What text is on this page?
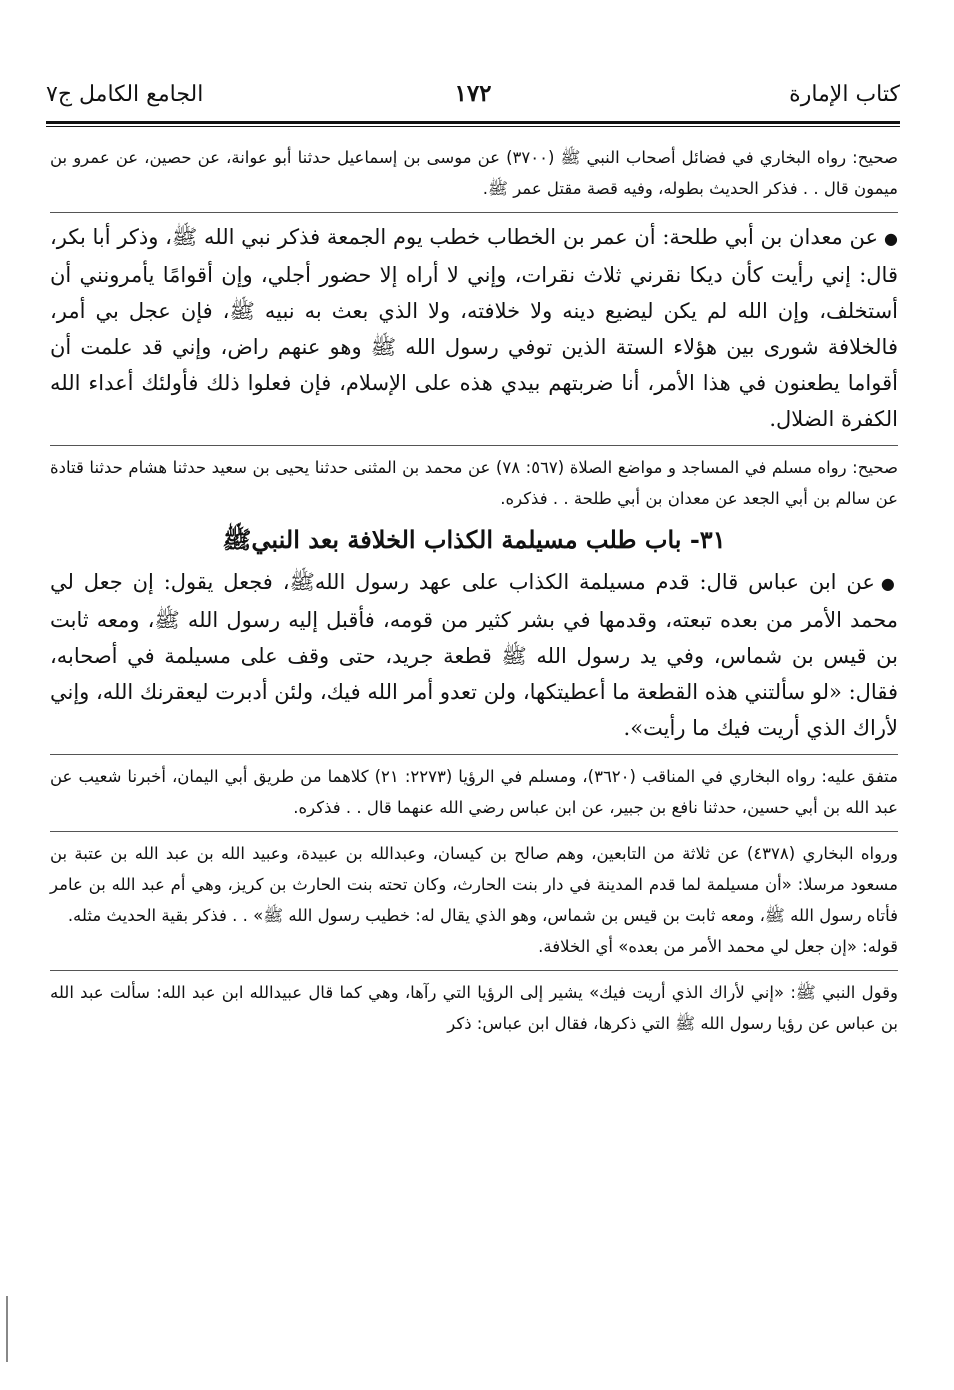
كتاب الإمارة
١٧٢
الجامع الكامل ج٧

صحيح: رواه البخاري في فضائل أصحاب النبي ﷺ (٣٧٠٠) عن موسى بن إسماعيل حدثنا أبو عوانة، عن حصين، عن عمرو بن ميمون قال . . فذكر الحديث بطوله، وفيه قصة مقتل عمر ﷺ.

●عن معدان بن أبي طلحة: أن عمر بن الخطاب خطب يوم الجمعة فذكر نبي الله ﷺ، وذكر أبا بكر، قال: إني رأيت كأن ديكا نقرني ثلاث نقرات، وإني لا أراه إلا حضور أجلي، وإن أقوامًا يأمرونني أن أستخلف، وإن الله لم يكن ليضيع دينه ولا خلافته، ولا الذي بعث به نبيه ﷺ، فإن عجل بي أمر، فالخلافة شورى بين هؤلاء الستة الذين توفي رسول الله ﷺ وهو عنهم راض، وإني قد علمت أن أقواما يطعنون في هذا الأمر، أنا ضربتهم بيدي هذه على الإسلام، فإن فعلوا ذلك فأولئك أعداء الله الكفرة الضلال.

صحيح: رواه مسلم في المساجد و مواضع الصلاة (٥٦٧: ٧٨) عن محمد بن المثنى حدثنا يحيى بن سعيد حدثنا هشام حدثنا قتادة عن سالم بن أبي الجعد عن معدان بن أبي طلحة . . فذكره.

٣١- باب طلب مسيلمة الكذاب الخلافة بعد النبيﷺ

●عن ابن عباس قال: قدم مسيلمة الكذاب على عهد رسول اللهﷺ، فجعل يقول: إن جعل لي محمد الأمر من بعده تبعته، وقدمها في بشر كثير من قومه، فأقبل إليه رسول الله ﷺ، ومعه ثابت بن قيس بن شماس، وفي يد رسول الله ﷺ قطعة جريد، حتى وقف على مسيلمة في أصحابه، فقال: «لو سألتني هذه القطعة ما أعطيتكها، ولن تعدو أمر الله فيك، ولئن أدبرت ليعقرنك الله، وإني لأراك الذي أريت فيك ما رأيت».

متفق عليه: رواه البخاري في المناقب (٣٦٢٠)، ومسلم في الرؤيا (٢٢٧٣: ٢١) كلاهما من طريق أبي اليمان، أخبرنا شعيب عن عبد الله بن أبي حسين، حدثنا نافع بن جبير، عن ابن عباس رضي الله عنهما قال . . فذكره.

ورواه البخاري (٤٣٧٨) عن ثلاثة من التابعين، وهم صالح بن كيسان، وعبدالله بن عبيدة، وعبيد الله بن عبد الله بن عتبة بن مسعود مرسلا: «أن مسيلمة لما قدم المدينة في دار بنت الحارث، وكان تحته بنت الحارث بن كريز، وهي أم عبد الله بن عامر فأتاه رسول الله ﷺ، ومعه ثابت بن قيس بن شماس، وهو الذي يقال له: خطيب رسول الله ﷺ» . . فذكر بقية الحديث مثله.

قوله: «إن جعل لي محمد الأمر من بعده» أي الخلافة.

وقول النبي ﷺ: «إني لأراك الذي أريت فيك» يشير إلى الرؤيا التي رآها، وهي كما قال عبيدالله ابن عبد الله: سألت عبد الله بن عباس عن رؤيا رسول الله ﷺ التي ذكرها، فقال ابن عباس: ذكر
